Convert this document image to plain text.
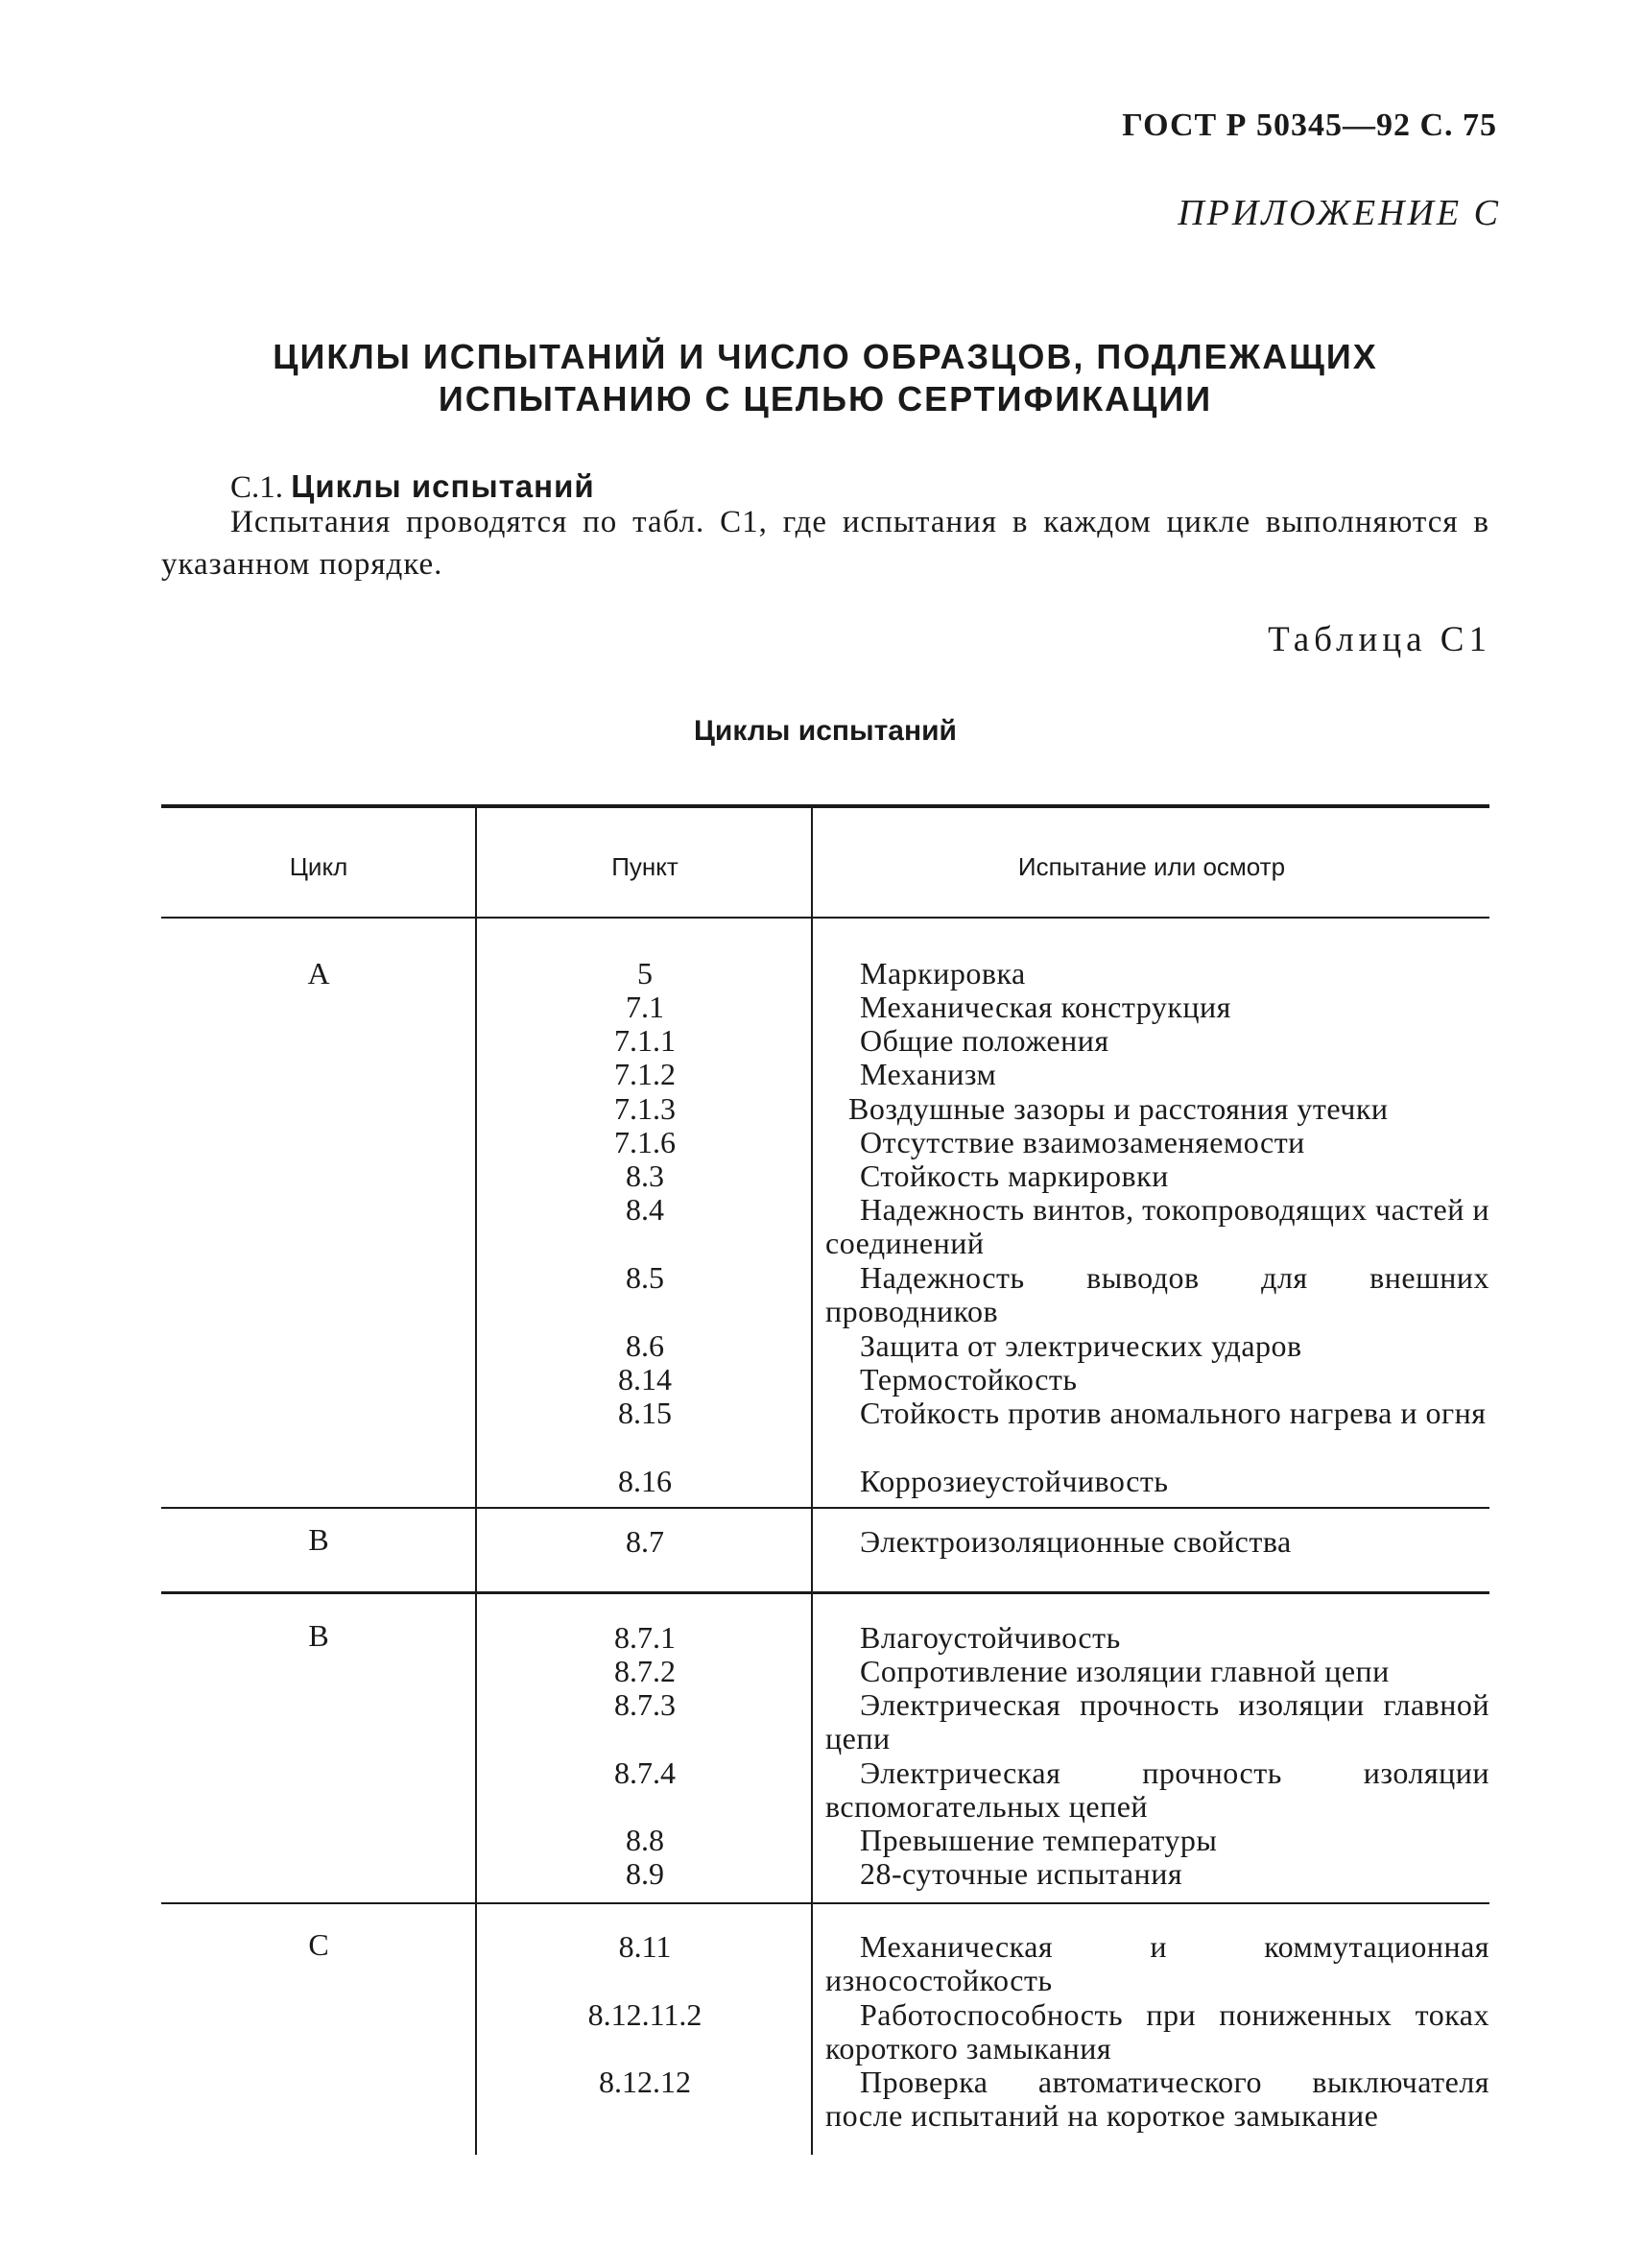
ГОСТ Р 50345—92 С. 75
ПРИЛОЖЕНИЕ С
ЦИКЛЫ ИСПЫТАНИЙ И ЧИСЛО ОБРАЗЦОВ, ПОДЛЕЖАЩИХ
ИСПЫТАНИЮ С ЦЕЛЬЮ СЕРТИФИКАЦИИ
С.1. Циклы испытаний
Испытания проводятся по табл. С1, где испытания в каждом цикле выполняются в указанном порядке.
Таблица С1
Циклы испытаний
Цикл	Пункт	Испытание или осмотр
А	5	Маркировка
7.1	Механическая конструкция
7.1.1	Общие положения
7.1.2	Механизм
7.1.3	Воздушные зазоры и расстояния утечки
7.1.6	Отсутствие взаимозаменяемости
8.3	Стойкость маркировки
8.4	Надежность винтов, токопроводящих частей и соединений
8.5	Надежность выводов для внешних проводников
8.6	Защита от электрических ударов
8.14	Термостойкость
8.15	Стойкость против аномального нагрева и огня
8.16	Коррозиеустойчивость
В	8.7	Электроизоляционные свойства
В	8.7.1	Влагоустойчивость
8.7.2	Сопротивление изоляции главной цепи
8.7.3	Электрическая прочность изоляции главной цепи
8.7.4	Электрическая прочность изоляции вспомогательных цепей
8.8	Превышение температуры
8.9	28-суточные испытания
С	8.11	Механическая и коммутационная износостойкость
8.12.11.2	Работоспособность при пониженных токах короткого замыкания
8.12.12	Проверка автоматического выключателя после испытаний на короткое замыкание
